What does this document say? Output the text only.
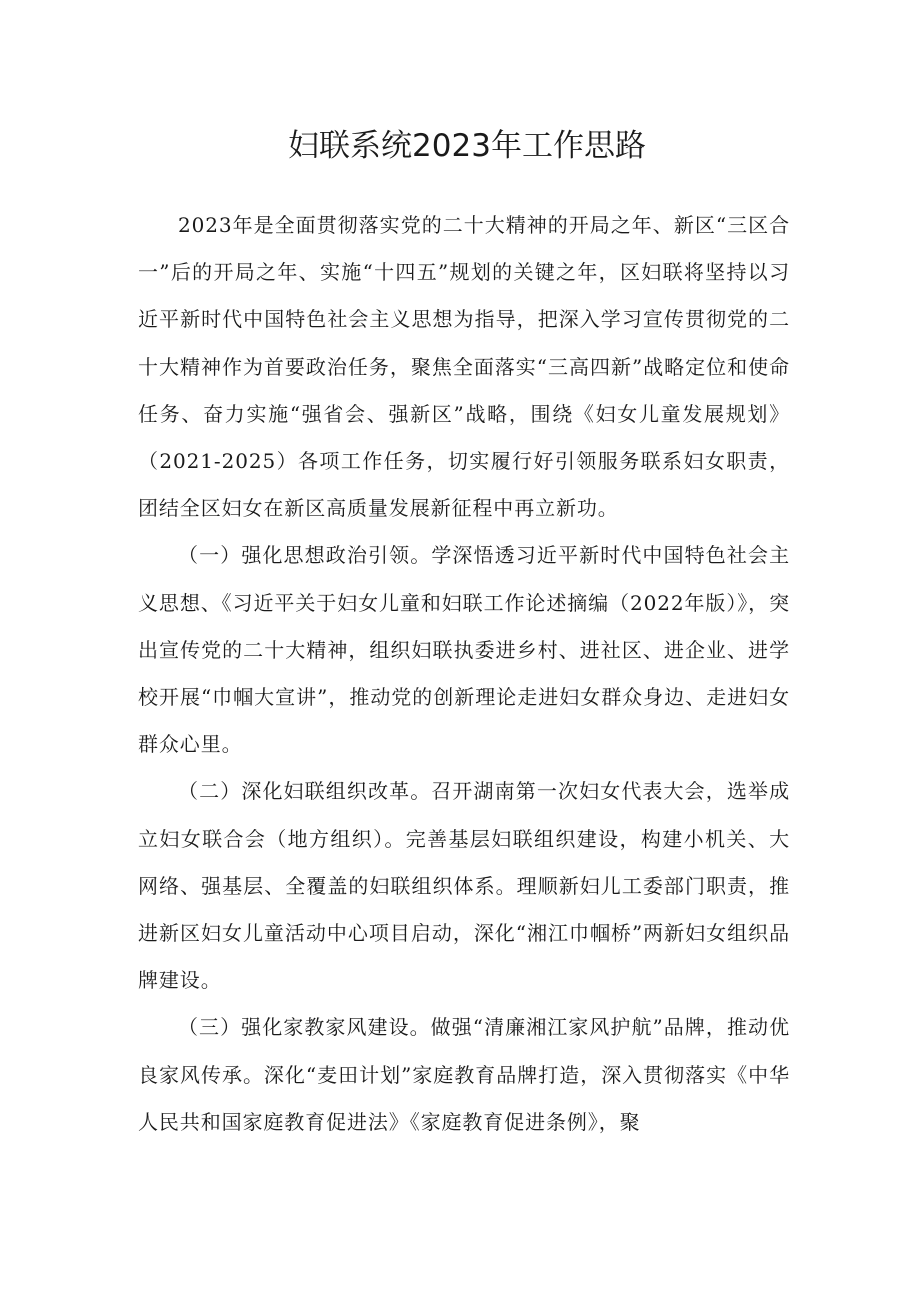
妇联系统2023年工作思路

2023年是全面贯彻落实党的二十大精神的开局之年、新区“三区合一”后的开局之年、实施“十四五”规划的关键之年，区妇联将坚持以习近平新时代中国特色社会主义思想为指导，把深入学习宣传贯彻党的二十大精神作为首要政治任务，聚焦全面落实“三高四新”战略定位和使命任务、奋力实施“强省会、强新区”战略，围绕《妇女儿童发展规划》（2021-2025）各项工作任务，切实履行好引领服务联系妇女职责，团结全区妇女在新区高质量发展新征程中再立新功。

（一）强化思想政治引领。学深悟透习近平新时代中国特色社会主义思想、《习近平关于妇女儿童和妇联工作论述摘编（2022年版）》，突出宣传党的二十大精神，组织妇联执委进乡村、进社区、进企业、进学校开展“巾帼大宣讲”，推动党的创新理论走进妇女群众身边、走进妇女群众心里。

（二）深化妇联组织改革。召开湖南第一次妇女代表大会，选举成立妇女联合会（地方组织）。完善基层妇联组织建设，构建小机关、大网络、强基层、全覆盖的妇联组织体系。理顺新妇儿工委部门职责，推进新区妇女儿童活动中心项目启动，深化“湘江巾帼桥”两新妇女组织品牌建设。

（三）强化家教家风建设。做强“清廉湘江家风护航”品牌，推动优良家风传承。深化“麦田计划”家庭教育品牌打造，深入贯彻落实《中华人民共和国家庭教育促进法》《家庭教育促进条例》，聚
